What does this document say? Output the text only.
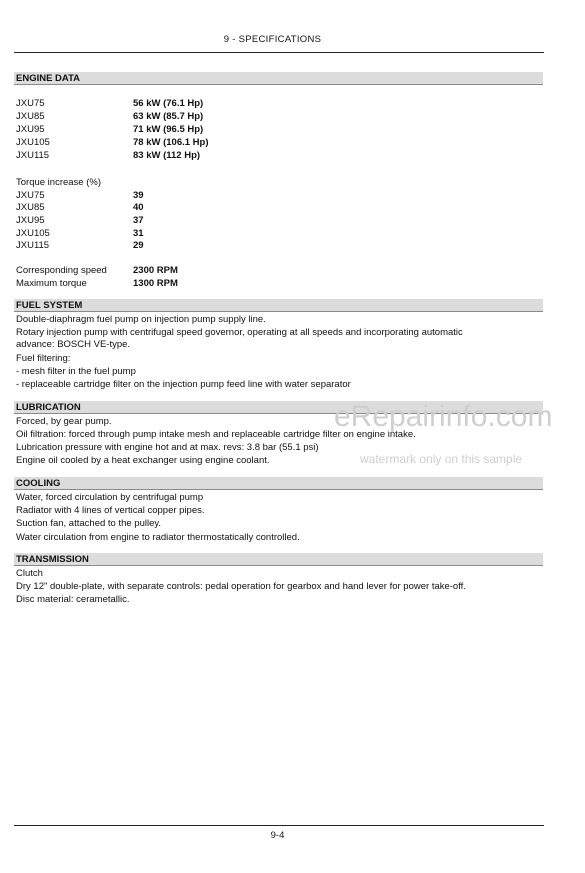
9 - SPECIFICATIONS
ENGINE DATA
JXU75	56 kW (76.1 Hp)
JXU85	63 kW (85.7 Hp)
JXU95	71 kW (96.5 Hp)
JXU105	78 kW (106.1 Hp)
JXU115	83 kW (112 Hp)
Torque increase (%)
JXU75	39
JXU85	40
JXU95	37
JXU105	31
JXU115	29
Corresponding speed	2300 RPM
Maximum torque	1300 RPM
FUEL SYSTEM
Double-diaphragm fuel pump on injection pump supply line.
Rotary injection pump with centrifugal speed governor, operating at all speeds and incorporating automatic
advance: BOSCH VE-type.
Fuel filtering:
- mesh filter in the fuel pump
- replaceable cartridge filter on the injection pump feed line with water separator
LUBRICATION
Forced, by gear pump.
Oil filtration: forced through pump intake mesh and replaceable cartridge filter on engine intake.
Lubrication pressure with engine hot and at max. revs: 3.8 bar (55.1 psi)
Engine oil cooled by a heat exchanger using engine coolant.
COOLING
Water, forced circulation by centrifugal pump
Radiator with 4 lines of vertical copper pipes.
Suction fan, attached to the pulley.
Water circulation from engine to radiator thermostatically controlled.
TRANSMISSION
Clutch
Dry 12" double-plate, with separate controls: pedal operation for gearbox and hand lever for power take-off.
Disc material: cerametallic.
eRepairinfo.com
watermark only on this sample
9-4
